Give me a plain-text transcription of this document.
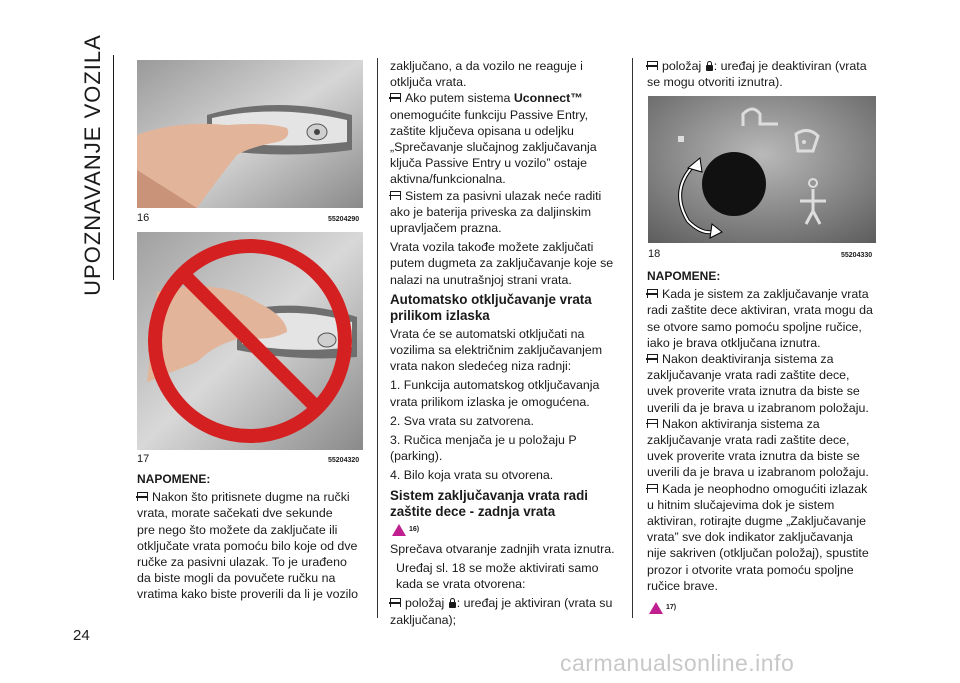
UPOZNAVANJE VOZILA	16	55204290
17	55204320
NAPOMENE:
Nakon što pritisnete dugme na ručki
vrata, morate sačekati dve sekunde
pre nego što možete da zaključate ili
otključate vrata pomoću bilo koje od dve
ručke za pasivni ulazak. To je urađeno
da biste mogli da povučete ručku na
vratima kako biste proverili da li je vozilo

zaključano, a da vozilo ne reaguje i
otključa vrata.

Ako putem sistema Uconnect™
onemogućite funkciju Passive Entry,
zaštite ključeva opisana u odeljku
„Sprečavanje slučajnog zaključavanja
ključa Passive Entry u vozilo” ostaje
aktivna/funkcionalna.

Sistem za pasivni ulazak neće raditi
ako je baterija priveska za daljinskim
upravljačem prazna.

Vrata vozila takođe možete zaključati
putem dugmeta za zaključavanje koje se
nalazi na unutrašnjoj strani vrata.

Automatsko otključavanje vrata
prilikom izlaska

Vrata će se automatski otključati na
vozilima sa električnim zaključavanjem
vrata nakon sledećeg niza radnji:

1. Funkcija automatskog otključavanja
vrata prilikom izlaska je omogućena.

2. Sva vrata su zatvorena.

3. Ručica menjača je u položaju P
(parking).

4. Bilo koja vrata su otvorena.

Sistem zaključavanja vrata radi
zaštite dece - zadnja vrata

$^{16)}$

Sprečava otvaranje zadnjih vrata iznutra.

Uređaj sl. 18 se može aktivirati samo
kada se vrata otvorena:

položaj : uređaj je aktiviran (vrata su
zaključana);

položaj : uređaj je deaktiviran (vrata
se mogu otvoriti iznutra).

18	55204330
NAPOMENE:

Kada je sistem za zaključavanje vrata
radi zaštite dece aktiviran, vrata mogu da
se otvore samo pomoću spoljne ručice,
iako je brava otključana iznutra.

Nakon deaktiviranja sistema za
zaključavanje vrata radi zaštite dece,
uvek proverite vrata iznutra da biste se
uverili da je brava u izabranom položaju.

Nakon aktiviranja sistema za
zaključavanje vrata radi zaštite dece,
uvek proverite vrata iznutra da biste se
uverili da je brava u izabranom položaju.

Kada je neophodno omogućiti izlazak
u hitnim slučajevima dok je sistem
aktiviran, rotirajte dugme „Zaključavanje
vrata” sve dok indikator zaključavanja
nije sakriven (otključan položaj), spustite
prozor i otvorite vrata pomoću spoljne
ručice brave.

$^{17)}$

24
carmanualsonline.info
